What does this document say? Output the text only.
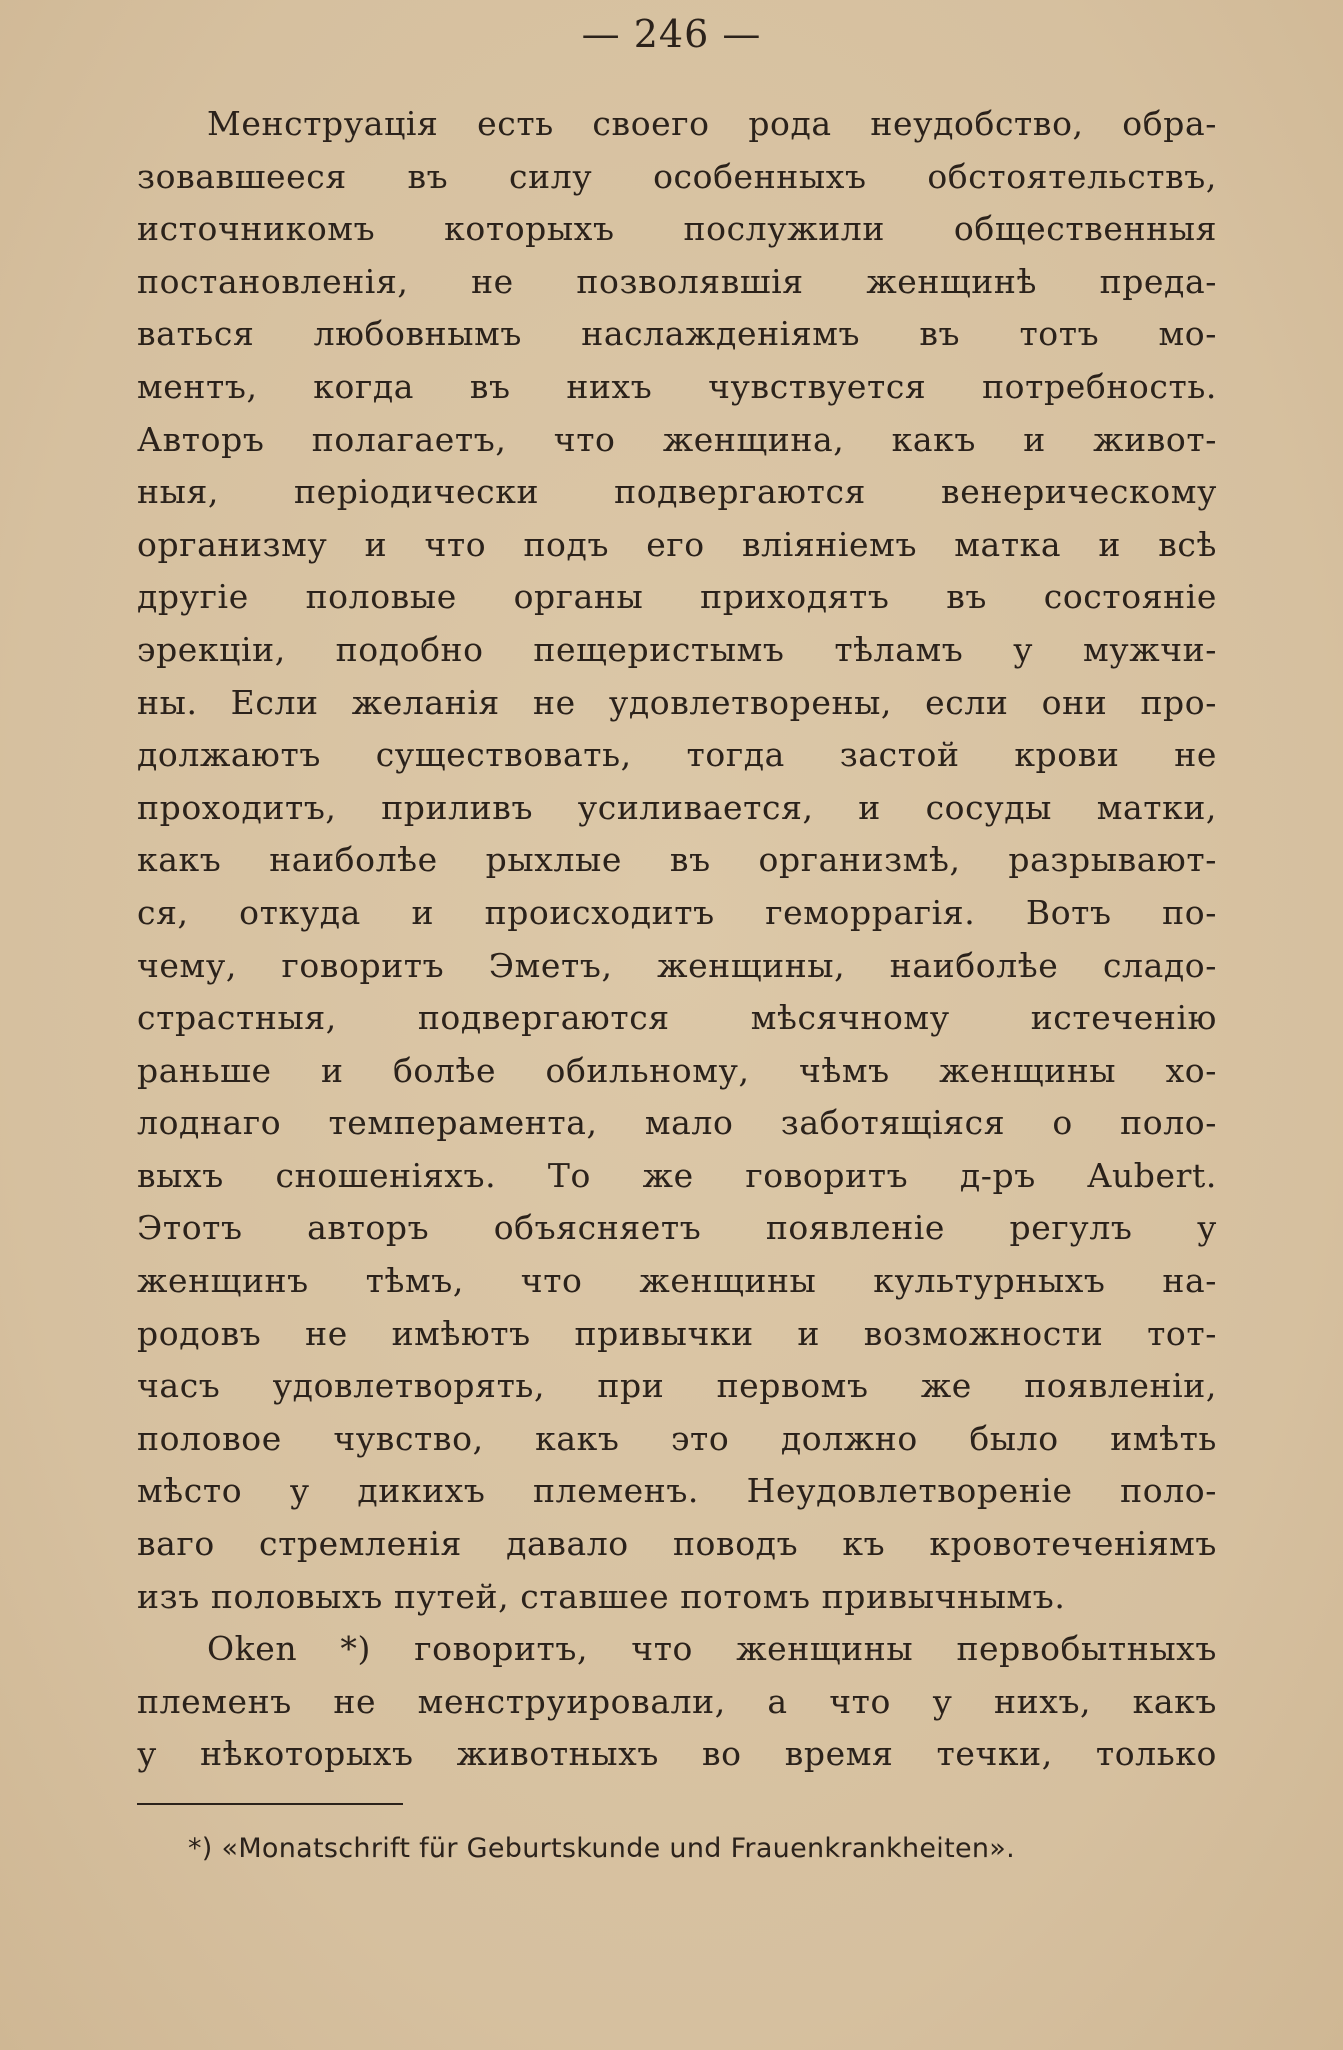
— 246 —
Менструація есть своего рода неудобство, обра-
зовавшееся въ силу особенныхъ обстоятельствъ,
источникомъ которыхъ послужили общественныя
постановленія, не позволявшія женщинѣ преда-
ваться любовнымъ наслажденіямъ въ тотъ мо-
ментъ, когда въ нихъ чувствуется потребность.
Авторъ полагаетъ, что женщина, какъ и живот-
ныя, періодически подвергаются венерическому
организму и что подъ его вліяніемъ матка и всѣ
другіе половые органы приходятъ въ состояніе
эрекціи, подобно пещеристымъ тѣламъ у мужчи-
ны. Если желанія не удовлетворены, если они про-
должаютъ существовать, тогда застой крови не
проходитъ, приливъ усиливается, и сосуды матки,
какъ наиболѣе рыхлые въ организмѣ, разрывают-
ся, откуда и происходитъ геморрагія. Вотъ по-
чему, говоритъ Эметъ, женщины, наиболѣе сладо-
страстныя, подвергаются мѣсячному истеченію
раньше и болѣе обильному, чѣмъ женщины хо-
лоднаго темперамента, мало заботящіяся о поло-
выхъ сношеніяхъ. То же говоритъ д-ръ Aubert.
Этотъ авторъ объясняетъ появленіе регулъ у
женщинъ тѣмъ, что женщины культурныхъ на-
родовъ не имѣютъ привычки и возможности тот-
часъ удовлетворять, при первомъ же появленіи,
половое чувство, какъ это должно было имѣть
мѣсто у дикихъ племенъ. Неудовлетвореніе поло-
ваго стремленія давало поводъ къ кровотеченіямъ
изъ половыхъ путей, ставшее потомъ привычнымъ.
Oken *) говоритъ, что женщины первобытныхъ
племенъ не менструировали, а что у нихъ, какъ
у нѣкоторыхъ животныхъ во время течки, только
*) «Monatschrift für Geburtskunde und Frauenkrankheiten».
